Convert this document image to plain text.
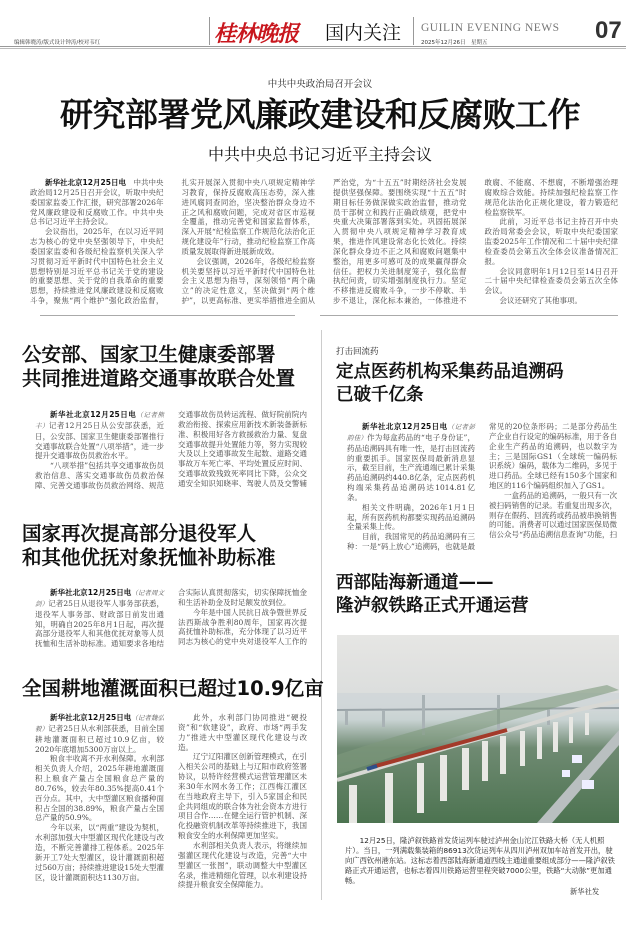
编辑韩晓涛/版式设计钟涛/校对韦红	桂林晚报 国内关注 GUILIN EVENING NEWS
2025年12月26日　星期五	07
中共中央政治局召开会议
研究部署党风廉政建设和反腐败工作
中共中央总书记习近平主持会议

新华社北京12月25日电　 中共中央政治局12月25日召开会议，听取中央纪委国家监委工作汇报，研究部署2026年党风廉政建设和反腐败工作。中共中央总书记习近平主持会议。

会议指出，2025年，在以习近平同志为核心的党中央坚强领导下，中央纪委国家监委和各级纪检监察机关深入学习贯彻习近平新时代中国特色社会主义思想特别是习近平总书记关于党的建设的重要思想、关于党的自我革命的重要思想，持续推进党风廉政建设和反腐败斗争，聚焦“两个维护”强化政治监督，扎实开展深入贯彻中央八项规定精神学习教育，保持反腐败高压态势，深入推进风腐同查同治，坚决整治群众身边不正之风和腐败问题，完成对省区市巡视全覆盖，推动完善党和国家监督体系，深入开展“纪检监察工作规范化法治化正规化建设年”行动，推动纪检监察工作高质量发展取得新进展新成效。

会议强调，2026年，各级纪检监察机关要坚持以习近平新时代中国特色社会主义思想为指导，深刻领悟“两个确立”的决定性意义，坚决做到“两个维护”，以更高标准、更实举措推进全面从严治党，为“十五五”时期经济社会发展提供坚强保障。要围绕实现“十五五”时期目标任务做深做实政治监督，推动党员干部树立和践行正确政绩观，把党中央重大决策部署落到实处。巩固拓展深入贯彻中央八项规定精神学习教育成果，推进作风建设常态化长效化。持续深化群众身边不正之风和腐败问题集中整治，用更多可感可及的成果赢得群众信任。把权力关进制度笼子，强化监督执纪问责，切实增强制度执行力。坚定不移推进反腐败斗争，一步不停歇、半步不退让，深化标本兼治，一体推进不敢腐、不能腐、不想腐，不断增强治理腐败综合效能。持续加强纪检监察工作规范化法治化正规化建设，着力锻造纪检监察铁军。

此前，习近平总书记主持召开中央政治局常委会会议，听取中央纪委国家监委2025年工作情况和二十届中央纪律检查委员会第五次全体会议准备情况汇报。

会议同意明年1月12日至14日召开二十届中央纪律检查委员会第五次全体会议。

会议还研究了其他事项。

公安部、国家卫生健康委部署
共同推进道路交通事故联合处置

新华社北京12月25日电（记者熊丰）记者12月25日从公安部获悉，近日，公安部、国家卫生健康委部署推行交通事故联合处置“八项举措”，进一步提升交通事故伤员救治水平。

“八项举措”包括共享交通事故伤员救治信息、落实交通事故伤员救治保障、完善交通事故伤员救治网络、规范交通事故伤员转运流程、做好院前院内救治衔接、探索应用新技术新装备新标准、积极用好各方救援救治力量、复盘交通事故提升处置能力等，努力实现较大及以上交通事故发生起数、道路交通事故万车死亡率、平均处置反应时间、交通事故致残致死率同比下降，公众交通安全知识知晓率、驾驶人员及交警辅

国家再次提高部分退役军人
和其他优抚对象抚恤补助标准

新华社北京12月25日电（记者周文剑）记者25日从退役军人事务部获悉，退役军人事务部、财政部日前发出通知，明确自2025年8月1日起，再次提高部分退役军人和其他优抚对象等人员抚恤和生活补助标准。通知要求各地结合实际认真贯彻落实，切实保障抚恤金和生活补助金及时足额发放到位。

今年是中国人民抗日战争暨世界反法西斯战争胜利80周年，国家再次提高抚恤补助标准，充分体现了以习近平同志为核心的党中央对退役军人工作的

全国耕地灌溉面积已超过10.9亿亩

新华社北京12月25日电（记者魏弘毅）记者25日从水利部获悉，目前全国耕地灌溉面积已超过10.9亿亩，较2020年底增加5300万亩以上。

粮食丰收离不开水利保障。水利部相关负责人介绍，2025年耕地灌溉面积上粮食产量占全国粮食总产量的80.76%，较去年80.35%提高0.41个百分点。其中，大中型灌区粮食播种面积占全国的38.89%，粮食产量占全国总产量的50.9%。

今年以来，以“两重”建设为契机，水利部加强大中型灌区现代化建设与改造，不断完善灌排工程体系。2025年新开工7处大型灌区，设计灌溉面积超过560万亩；持续推进建设15处大型灌区，设计灌溉面积达1130万亩。

此外，水利部门协同推进“硬投资”和“软建设”，政府、市场“两手发力”推进大中型灌区现代化建设与改造。

辽宁辽阳灌区创新管理模式，在引入相关公司的基础上与辽阳市政府签署协议，以特许经营模式运营管理灌区未来30年水网水务工作；江西梅江灌区在当地政府主导下，引入5家国企和民企共同组成的联合体为社会资本方进行项目合作……在健全运行管护机制、深化投融资机制改革等持续推进下，我国粮食安全的水利保障更加坚实。

水利部相关负责人表示，将继续加强灌区现代化建设与改造，完善“大中型灌区一张图”，联动调整大中型灌区名录，推进精细化管理，以水利建设持续提升粮食安全保障能力。

打击回流药
定点医药机构采集药品追溯码
已破千亿条

新华社北京12月25日电（记者彭韵佳）作为每盒药品的“电子身份证”，药品追溯码具有唯一性，是打击回流药的重要抓手。国家医保局最新消息显示，截至目前，生产流通端已累计采集药品追溯码约440.8亿条，定点医药机构端采集药品追溯码达1014.81亿条。

相关文件明确，2026年1月1日起，所有医药机构都要实现药品追溯码全量采集上传。

目前，我国常见的药品追溯码有三种：一是“码上放心”追溯码，也就是最常见的20位条形码；二是部分药品生产企业自行设定的编码标准，用于各自企业生产药品的追溯码，也以数字为主；三是国际GS1（全球统一编码标识系统）编码，载体为二维码，多见于进口药品。全球已经有150多个国家和地区的116个编码组织加入了GS1。

一盒药品的追溯码，一般只有一次被扫码销售的记录。若重复出现多次，则存在假药、回流药或药品被串换销售的可能。消费者可以通过国家医保局微信公众号“药品追溯信息查询”功能，扫

西部陆海新通道——
隆泸叙铁路正式开通运营
12月25日，隆泸叙铁路首发货运列车驶过泸州金山沱江铁路大桥（无人机照片）。当日，一列满载集装箱的86913次货运列车从四川泸州双加车站首发开出，驶向广西钦州港东站。这标志着西部陆海新通道西线主通道重要组成部分——隆泸叙铁路正式开通运营，也标志着四川铁路运营里程突破7000公里，铁路“大动脉”更加通畅。
新华社发
